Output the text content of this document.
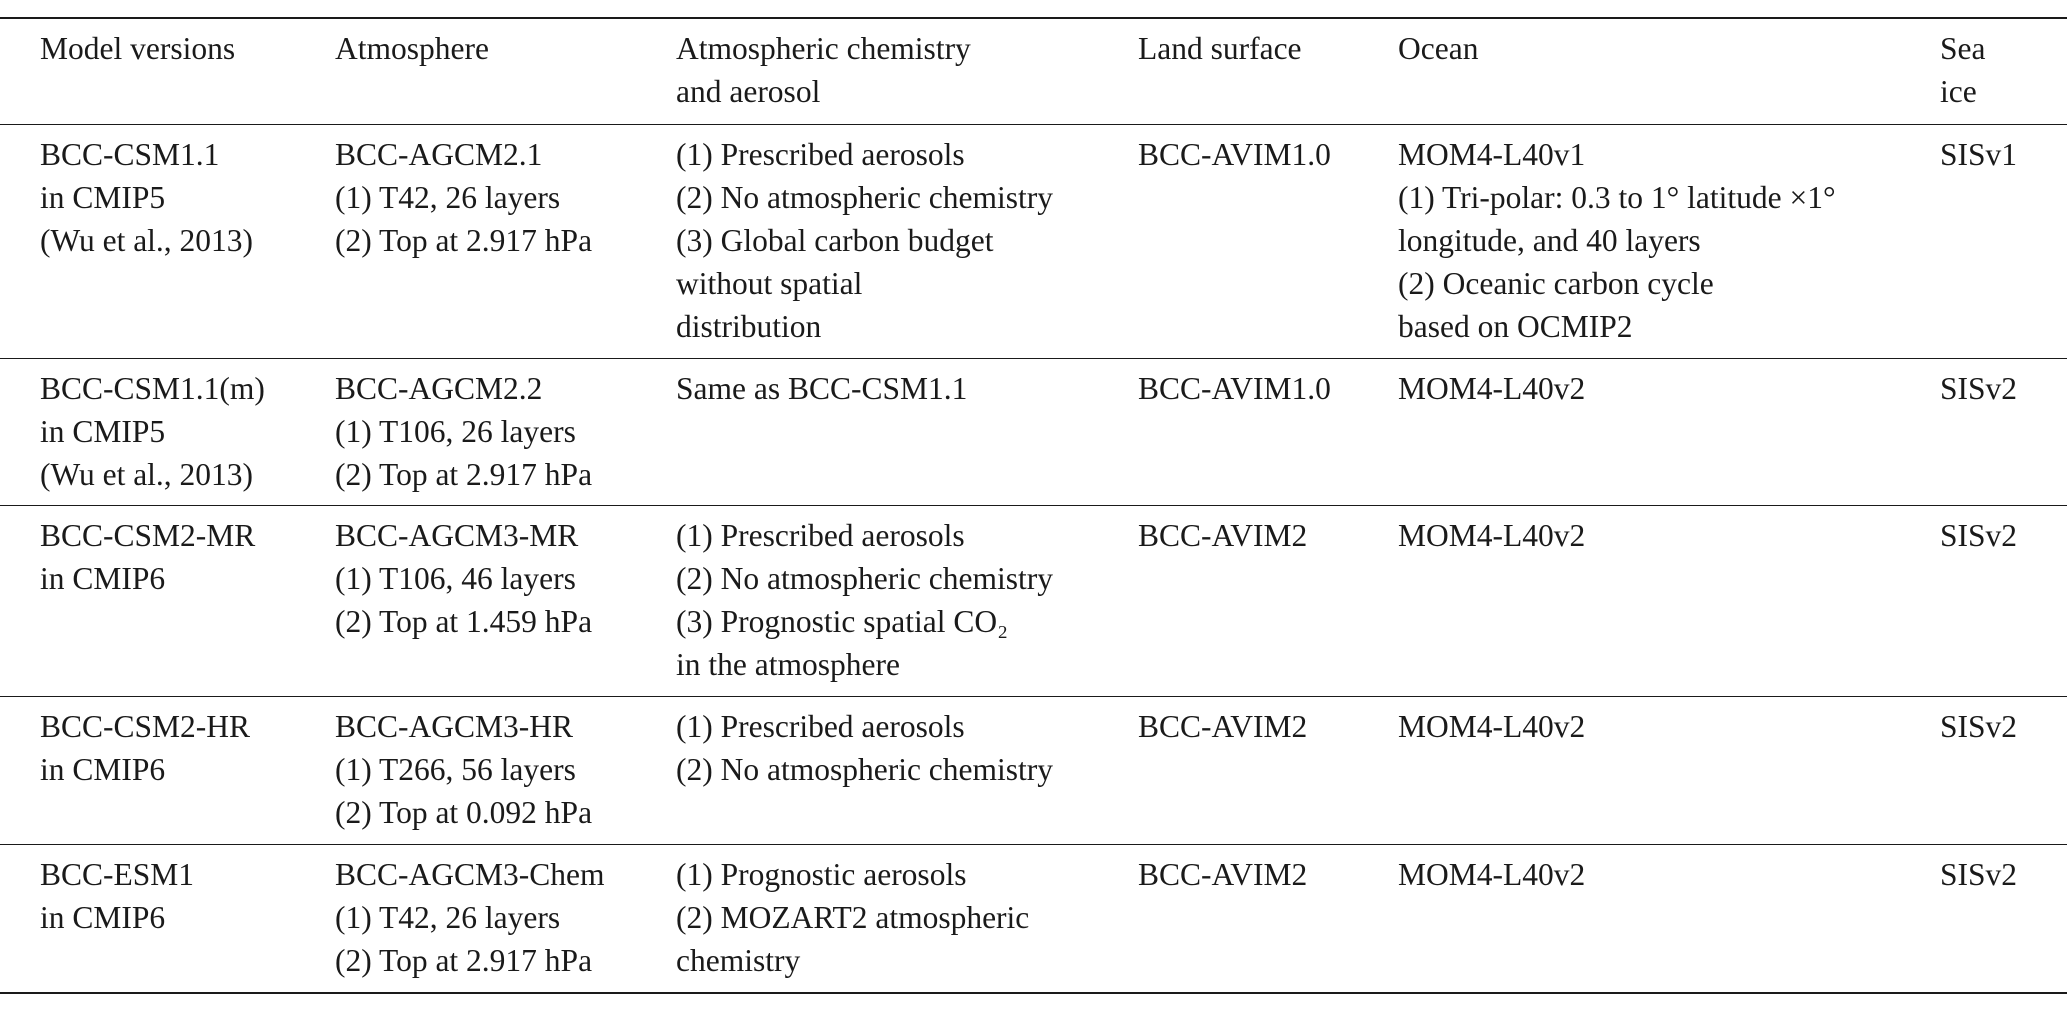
Model versions	Atmosphere	Atmospheric chemistry
and aerosol	Land surface	Ocean	Sea
ice

BCC-CSM1.1
in CMIP5
(Wu et al., 2013)	BCC-AGCM2.1
(1) T42, 26 layers
(2) Top at 2.917 hPa	(1) Prescribed aerosols
(2) No atmospheric chemistry
(3) Global carbon budget
without spatial
distribution	BCC-AVIM1.0	MOM4-L40v1
(1) Tri-polar: 0.3 to 1° latitude ×1°
longitude, and 40 layers
(2) Oceanic carbon cycle
based on OCMIP2	SISv1

BCC-CSM1.1(m)
in CMIP5
(Wu et al., 2013)	BCC-AGCM2.2
(1) T106, 26 layers
(2) Top at 2.917 hPa	Same as BCC-CSM1.1	BCC-AVIM1.0	MOM4-L40v2	SISv2

BCC-CSM2-MR
in CMIP6	BCC-AGCM3-MR
(1) T106, 46 layers
(2) Top at 1.459 hPa	(1) Prescribed aerosols
(2) No atmospheric chemistry
(3) Prognostic spatial CO₂
in the atmosphere	BCC-AVIM2	MOM4-L40v2	SISv2

BCC-CSM2-HR
in CMIP6	BCC-AGCM3-HR
(1) T266, 56 layers
(2) Top at 0.092 hPa	(1) Prescribed aerosols
(2) No atmospheric chemistry	BCC-AVIM2	MOM4-L40v2	SISv2

BCC-ESM1
in CMIP6	BCC-AGCM3-Chem
(1) T42, 26 layers
(2) Top at 2.917 hPa	(1) Prognostic aerosols
(2) MOZART2 atmospheric
chemistry	BCC-AVIM2	MOM4-L40v2	SISv2
